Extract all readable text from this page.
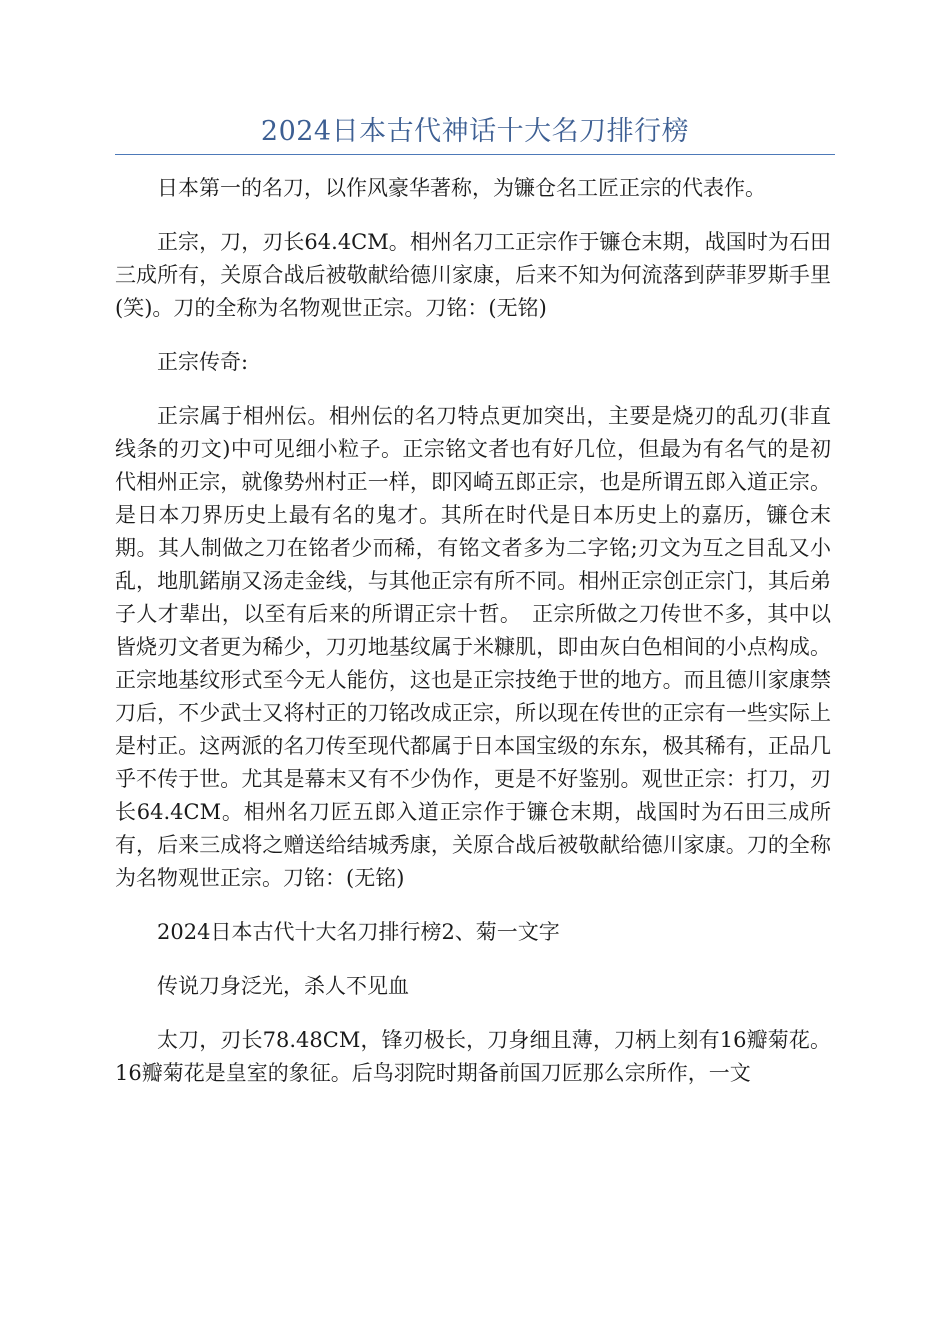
2024日本古代神话十大名刀排行榜

日本第一的名刀，以作风豪华著称，为镰仓名工匠正宗的代表作。

正宗，刀，刃长64.4CM。相州名刀工正宗作于镰仓末期，战国时为石田三成所有，关原合战后被敬献给德川家康，后来不知为何流落到萨菲罗斯手里(笑)。刀的全称为名物观世正宗。刀铭：(无铭)

正宗传奇:

正宗属于相州伝。相州伝的名刀特点更加突出，主要是烧刃的乱刃(非直线条的刃文)中可见细小粒子。正宗铭文者也有好几位，但最为有名气的是初代相州正宗，就像势州村正一样，即冈崎五郎正宗，也是所谓五郎入道正宗。是日本刀界历史上最有名的鬼才。其所在时代是日本历史上的嘉历，镰仓末期。其人制做之刀在铭者少而稀，有铭文者多为二字铭;刃文为互之目乱又小乱，地肌鍩崩又汤走金线，与其他正宗有所不同。相州正宗创正宗门，其后弟子人才辈出，以至有后来的所谓正宗十哲。　正宗所做之刀传世不多，其中以皆烧刃文者更为稀少，刀刃地基纹属于米糠肌，即由灰白色相间的小点构成。正宗地基纹形式至今无人能仿，这也是正宗技绝于世的地方。而且德川家康禁刀后，不少武士又将村正的刀铭改成正宗，所以现在传世的正宗有一些实际上是村正。这两派的名刀传至现代都属于日本国宝级的东东，极其稀有，正品几乎不传于世。尤其是幕末又有不少伪作，更是不好鉴别。观世正宗：打刀，刃长64.4CM。相州名刀匠五郎入道正宗作于镰仓末期，战国时为石田三成所有，后来三成将之赠送给结城秀康，关原合战后被敬献给德川家康。刀的全称为名物观世正宗。刀铭：(无铭)

2024日本古代十大名刀排行榜2、菊一文字

传说刀身泛光，杀人不见血

太刀，刃长78.48CM，锋刃极长，刀身细且薄，刀柄上刻有16瓣菊花。16瓣菊花是皇室的象征。后鸟羽院时期备前国刀匠那么宗所作，一文
